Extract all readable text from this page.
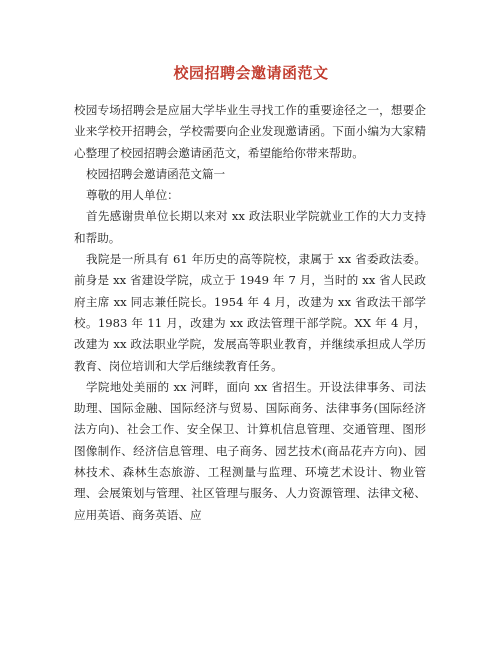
校园招聘会邀请函范文

校园专场招聘会是应届大学毕业生寻找工作的重要途径之一，想要企业来学校开招聘会，学校需要向企业发现邀请函。下面小编为大家精心整理了校园招聘会邀请函范文，希望能给你带来帮助。

校园招聘会邀请函范文篇一

尊敬的用人单位：

首先感谢贵单位长期以来对 xx 政法职业学院就业工作的大力支持和帮助。

我院是一所具有 61 年历史的高等院校，隶属于 xx 省委政法委。前身是 xx 省建设学院，成立于 1949 年 7 月，当时的 xx 省人民政府主席 xx 同志兼任院长。1954 年 4 月，改建为 xx 省政法干部学校。1983 年 11 月，改建为 xx 政法管理干部学院。XX 年 4 月，改建为 xx 政法职业学院，发展高等职业教育，并继续承担成人学历教育、岗位培训和大学后继续教育任务。

学院地处美丽的 xx 河畔，面向 xx 省招生。开设法律事务、司法助理、国际金融、国际经济与贸易、国际商务、法律事务(国际经济法方向)、社会工作、安全保卫、计算机信息管理、交通管理、图形图像制作、经济信息管理、电子商务、园艺技术(商品花卉方向)、园林技术、森林生态旅游、工程测量与监理、环境艺术设计、物业管理、会展策划与管理、社区管理与服务、人力资源管理、法律文秘、应用英语、商务英语、应
